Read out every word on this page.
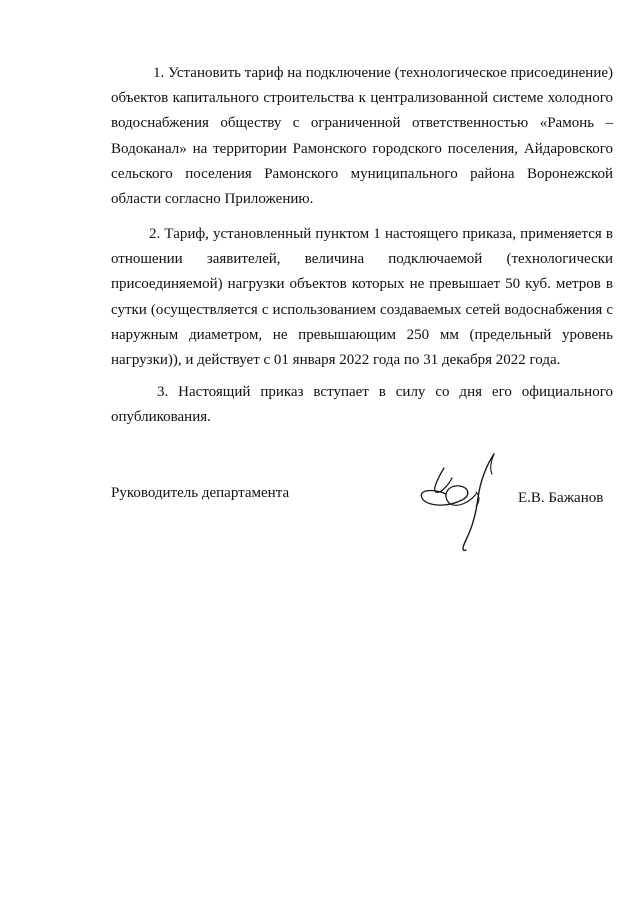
1. Установить тариф на подключение (технологическое присоединение) объектов капитального строительства к централизованной системе холодного водоснабжения обществу с ограниченной ответственностью «Рамонь – Водоканал» на территории Рамонского городского поселения, Айдаровского сельского поселения Рамонского муниципального района Воронежской области согласно Приложению.

2. Тариф, установленный пунктом 1 настоящего приказа, применяется в отношении заявителей, величина подключаемой (технологически присоединяемой) нагрузки объектов которых не превышает 50 куб. метров в сутки (осуществляется с использованием создаваемых сетей водоснабжения с наружным диаметром, не превышающим 250 мм (предельный уровень нагрузки)), и действует с 01 января 2022 года по 31 декабря 2022 года.

3. Настоящий приказ вступает в силу со дня его официального опубликования.

Руководитель департамента	Е.В. Бажанов
